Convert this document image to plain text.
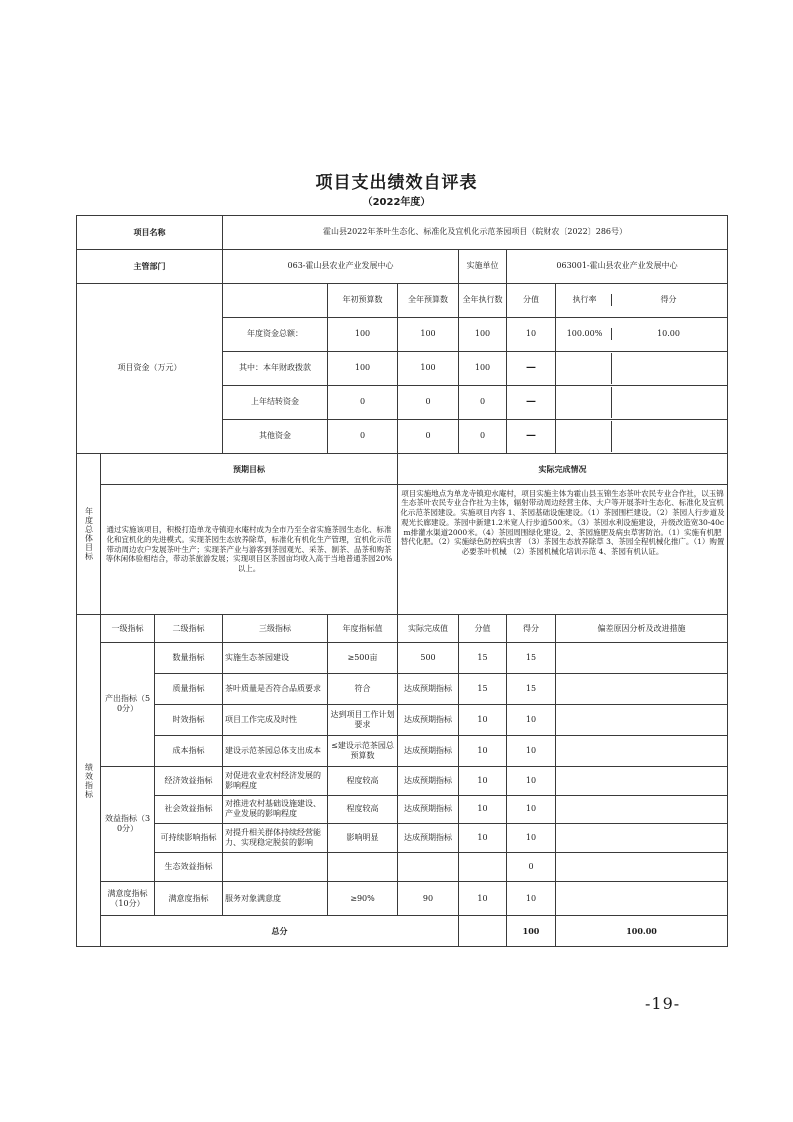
项目支出绩效自评表
（2022年度）
项目名称	霍山县2022年茶叶生态化、标准化及宜机化示范茶园项目（皖财农〔2022〕286号）
主管部门	063-霍山县农业产业发展中心	实施单位	063001-霍山县农业产业发展中心
项目资金（万元）		年初预算数	全年预算数	全年执行数	分值		执行率	得分

年度资金总额：	100	100	100	10		100.00%	10.00

其中：本年财政拨款	100	100	100	—	

上年结转资金	0	0	0	—	

其他资金	0	0	0	—	

年度总体目标	预期目标	实际完成情况
通过实施该项目，积极打造单龙寺镇迎水庵村成为全市乃至全省实施茶园生态化、标准化和宜机化的先进模式。实现茶园生态放养除草，标准化有机化生产管理，宜机化示范带动周边农户发展茶叶生产；实现茶产业与游客到茶园观光、采茶、制茶、品茶和购茶等休闲体验相结合，带动茶旅游发展；实现项目区茶园亩均收入高于当地普通茶园20%以上。	项目实施地点为单龙寺镇迎水庵村，项目实施主体为霍山县玉锦生态茶叶农民专业合作社，以玉锦生态茶叶农民专业合作社为主体，辐射带动周边经营主体、大户等开展茶叶生态化、标准化及宜机化示范茶园建设。实施项目内容 1、茶园基础设施建设。（1）茶园围栏建设。（2）茶园人行步道及观光长廊建设。茶园中新建1.2米宽人行步道500米。（3）茶园水利设施建设，升级改造宽30-40cm排灌水渠道2000米。（4）茶园周围绿化建设。2、茶园施肥及病虫草害防治。（1）实施有机肥替代化肥。（2）实施绿色防控病虫害 （3）茶园生态放养除草 3、茶园全程机械化推广。（1）购置必要茶叶机械 （2）茶园机械化培训示范 4、茶园有机认证。
绩效指标	一级指标	二级指标	三级指标	年度指标值	实际完成值	分值	得分	偏差原因分析及改进措施
产出指标（50分）	数量指标	实施生态茶园建设	≥500亩	500	15	15	
质量指标	茶叶质量是否符合品质要求	符合	达成预期指标	15	15	
时效指标	项目工作完成及时性	达到项目工作计划要求	达成预期指标	10	10	
成本指标	建设示范茶园总体支出成本	≤建设示范茶园总预算数	达成预期指标	10	10	
效益指标（30分）	经济效益指标	对促进农业农村经济发展的影响程度	程度较高	达成预期指标	10	10	
社会效益指标	对推进农村基础设施建设、产业发展的影响程度	程度较高	达成预期指标	10	10	
可持续影响指标	对提升相关群体持续经营能力、实现稳定脱贫的影响	影响明显	达成预期指标	10	10	
生态效益指标					0	
满意度指标（10分）	满意度指标	服务对象满意度	≥90%	90	10	10	
总分		100	100.00	
-19-
